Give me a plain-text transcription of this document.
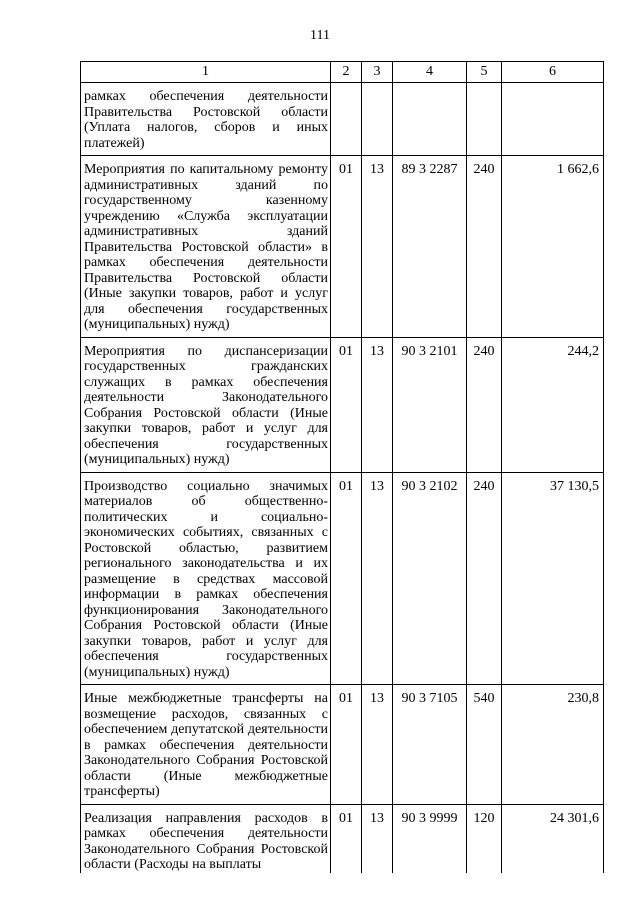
111
1	2	3	4	5	6
рамках обеспечения деятельности Правительства Ростовской области (Уплата налогов, сборов и иных платежей)					
Мероприятия по капитальному ремонту административных зданий по государственному казенному учреждению «Служба эксплуатации административных зданий Правительства Ростовской области» в рамках обеспечения деятельности Правительства Ростовской области (Иные закупки товаров, работ и услуг для обеспечения государственных (муниципальных) нужд)	01	13	89 3 2287	240	1 662,6
Мероприятия по диспансеризации государственных гражданских служащих в рамках обеспечения деятельности Законодательного Собрания Ростовской области (Иные закупки товаров, работ и услуг для обеспечения государственных (муниципальных) нужд)	01	13	90 3 2101	240	244,2
Производство социально значимых материалов об общественно-политических и социально-экономических событиях, связанных с Ростовской областью, развитием регионального законодательства и их размещение в средствах массовой информации в рамках обеспечения функционирования Законодательного Собрания Ростовской области (Иные закупки товаров, работ и услуг для обеспечения государственных (муниципальных) нужд)	01	13	90 3 2102	240	37 130,5
Иные межбюджетные трансферты на возмещение расходов, связанных с обеспечением депутатской деятельности в рамках обеспечения деятельности Законодательного Собрания Ростовской области (Иные межбюджетные трансферты)	01	13	90 3 7105	540	230,8
Реализация направления расходов в рамках обеспечения деятельности Законодательного Собрания Ростовской области (Расходы на выплаты	01	13	90 3 9999	120	24 301,6
